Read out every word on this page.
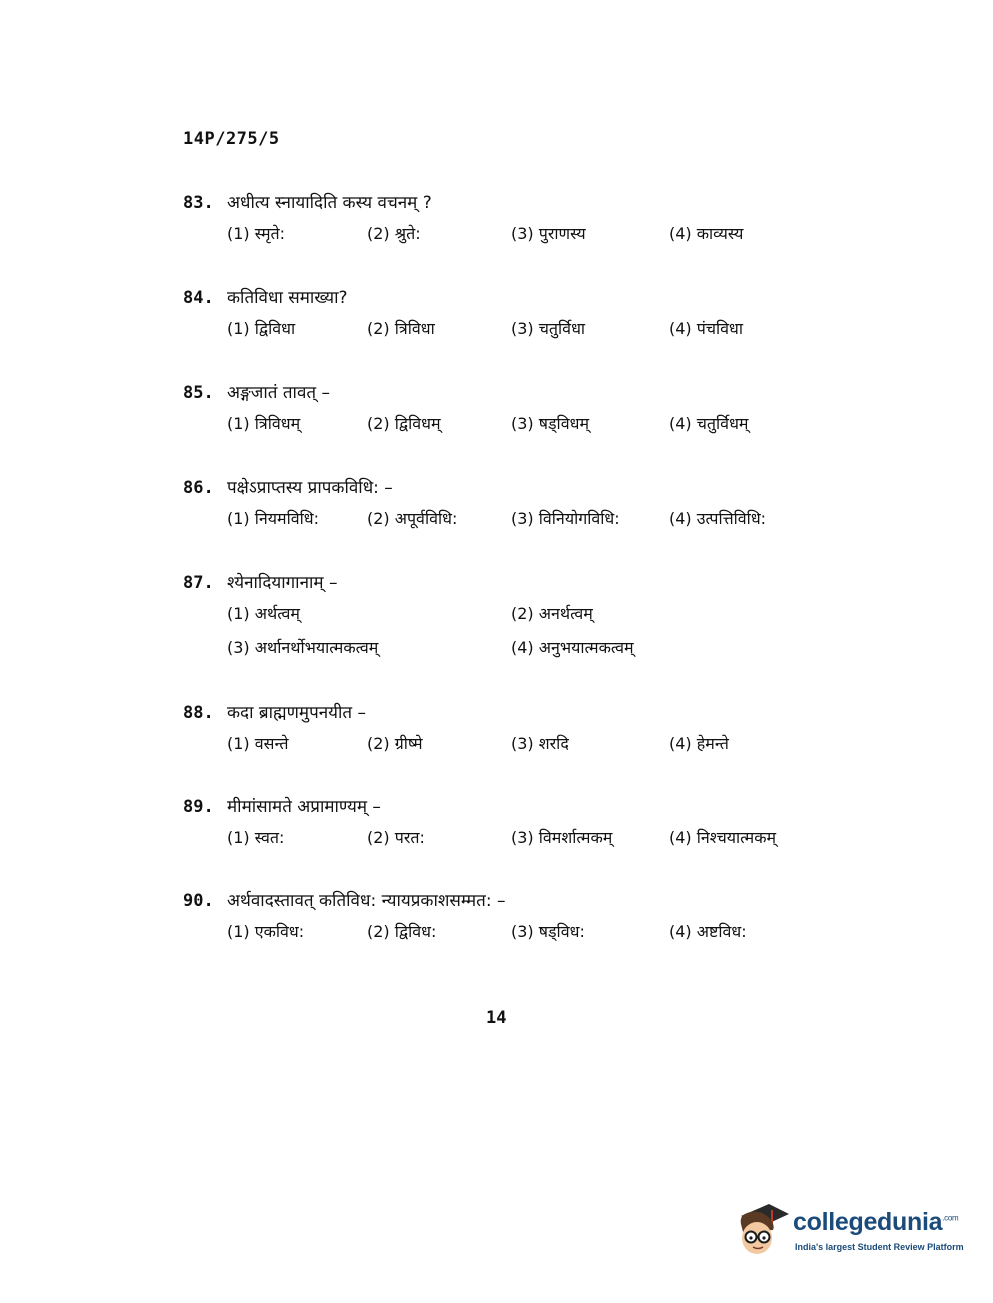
14P/275/5
83. अधीत्य स्नायादिति कस्य वचनम् ?
(1) स्मृते:	(2) श्रुते:	(3) पुराणस्य	(4) काव्यस्य
84. कतिविधा समाख्या?
(1) द्विविधा	(2) त्रिविधा	(3) चतुर्विधा	(4) पंचविधा
85. अङ्गजातं तावत् –
(1) त्रिविधम्	(2) द्विविधम्	(3) षड्विधम्	(4) चतुर्विधम्
86. पक्षेऽप्राप्तस्य प्रापकविधि: –
(1) नियमविधि:	(2) अपूर्वविधि:	(3) विनियोगविधि:	(4) उत्पत्तिविधि:
87. श्येनादियागानाम् –
(1) अर्थत्वम्	(2) अनर्थत्वम्
(3) अर्थानर्थोभयात्मकत्वम्	(4) अनुभयात्मकत्वम्
88. कदा ब्राह्मणमुपनयीत –
(1) वसन्ते	(2) ग्रीष्मे	(3) शरदि	(4) हेमन्ते
89. मीमांसामते अप्रामाण्यम् –
(1) स्वत:	(2) परत:	(3) विमर्शात्मकम्	(4) निश्चयात्मकम्
90. अर्थवादस्तावत् कतिविध: न्यायप्रकाशसम्मत: –
(1) एकविध:	(2) द्विविध:	(3) षड्विध:	(4) अष्टविध:
14
collegedunia$^{.com}$
India's largest Student Review Platform
